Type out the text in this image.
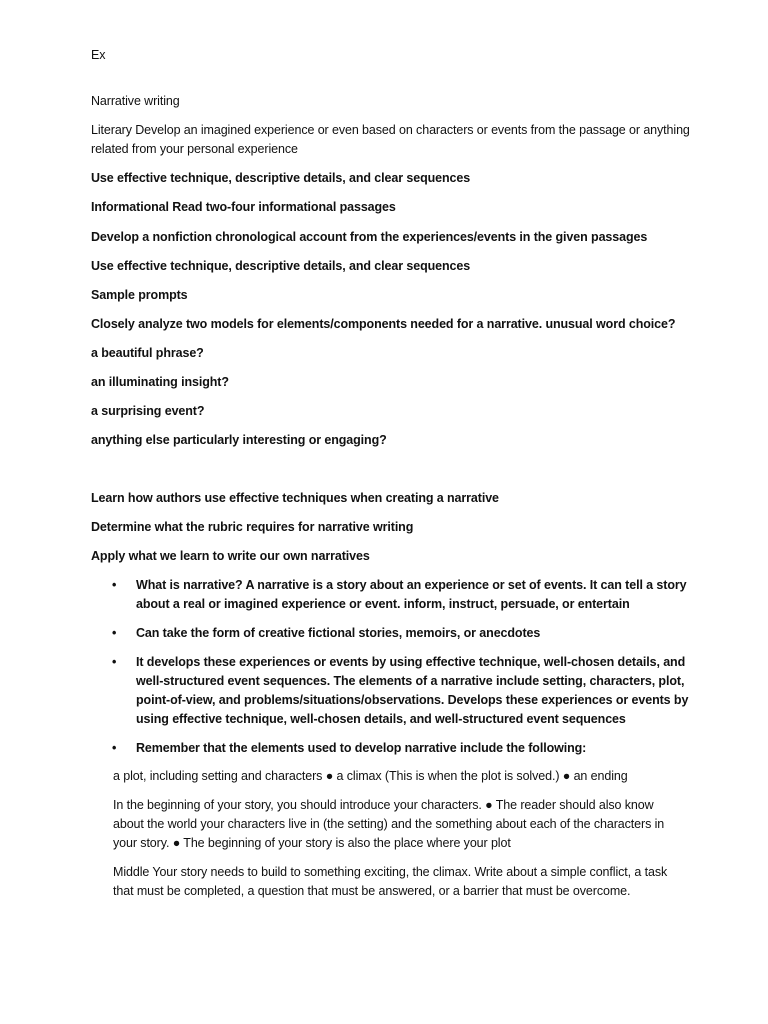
Ex
Narrative writing
Literary Develop an imagined experience or even based on characters or events from the passage or anything related from your personal experience
Use effective technique, descriptive details, and clear sequences
Informational Read two-four informational passages
Develop a nonfiction chronological account from the experiences/events in the given passages
Use effective technique, descriptive details, and clear sequences
Sample prompts
Closely analyze two models for elements/components needed for a narrative. unusual word choice?
a beautiful phrase?
an illuminating insight?
a surprising event?
anything else particularly interesting or engaging?
Learn how authors use effective techniques when creating a narrative
Determine what the rubric requires for narrative writing
Apply what we learn to write our own narratives
•	What is narrative? A narrative is a story about an experience or set of events. It can tell a story about a real or imagined experience or event. inform, instruct, persuade, or entertain
•	Can take the form of creative fictional stories, memoirs, or anecdotes
•	It develops these experiences or events by using effective technique, well-chosen details, and well-structured event sequences. The elements of a narrative include setting, characters, plot, point-of-view, and problems/situations/observations. Develops these experiences or events by using effective technique, well-chosen details, and well-structured event sequences
•	Remember that the elements used to develop narrative include the following:
a plot, including setting and characters ● a climax (This is when the plot is solved.) ● an ending
In the beginning of your story, you should introduce your characters. ● The reader should also know about the world your characters live in (the setting) and the something about each of the characters in your story. ● The beginning of your story is also the place where your plot
Middle Your story needs to build to something exciting, the climax. Write about a simple conflict, a task that must be completed, a question that must be answered, or a barrier that must be overcome.
